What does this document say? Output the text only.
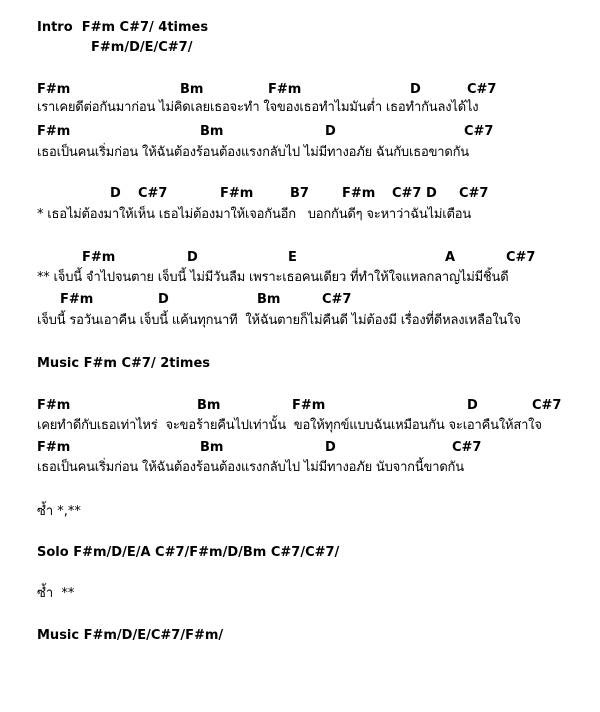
Intro  F#m C#7/ 4times
F#m/D/E/C#7/
F#m	Bm	F#m	D	C#7
เราเคยดีต่อกันมาก่อน ไม่คิดเลยเธอจะทำ ใจของเธอทำไมมันต่ำ เธอทำกันลงได้ไง
F#m	Bm	D	C#7
เธอเป็นคนเริ่มก่อน ให้ฉันต้องร้อนต้องแรงกลับไป ไม่มีทางอภัย ฉันกับเธอขาดกัน
D C#7	F#m	B7	F#m C#7 D C#7
* เธอไม่ต้องมาให้เห็น เธอไม่ต้องมาให้เจอกันอีก   บอกกันดีๆ จะหาว่าฉันไม่เตือน
F#m	D	E	A	C#7
** เจ็บนี้ จำไปจนตาย เจ็บนี้ ไม่มีวันลืม เพราะเธอคนเดียว ที่ทำให้ใจแหลกลาญไม่มีชิ้นดี
F#m	D	Bm	C#7
เจ็บนี้ รอวันเอาคืน เจ็บนี้ แค้นทุกนาที  ให้ฉันตายก็ไม่คืนดี ไม่ต้องมี เรื่องที่ดีหลงเหลือในใจ
Music F#m C#7/ 2times
F#m	Bm	F#m	D	C#7
เคยทำดีกับเธอเท่าไหร่  จะขอร้ายคืนไปเท่านั้น  ขอให้ทุกข์แบบฉันเหมือนกัน จะเอาคืนให้สาใจ
F#m	Bm	D	C#7
เธอเป็นคนเริ่มก่อน ให้ฉันต้องร้อนต้องแรงกลับไป ไม่มีทางอภัย นับจากนี้ขาดกัน
ซ้ำ *,**
Solo F#m/D/E/A C#7/F#m/D/Bm C#7/C#7/
ซ้ำ  **
Music F#m/D/E/C#7/F#m/
